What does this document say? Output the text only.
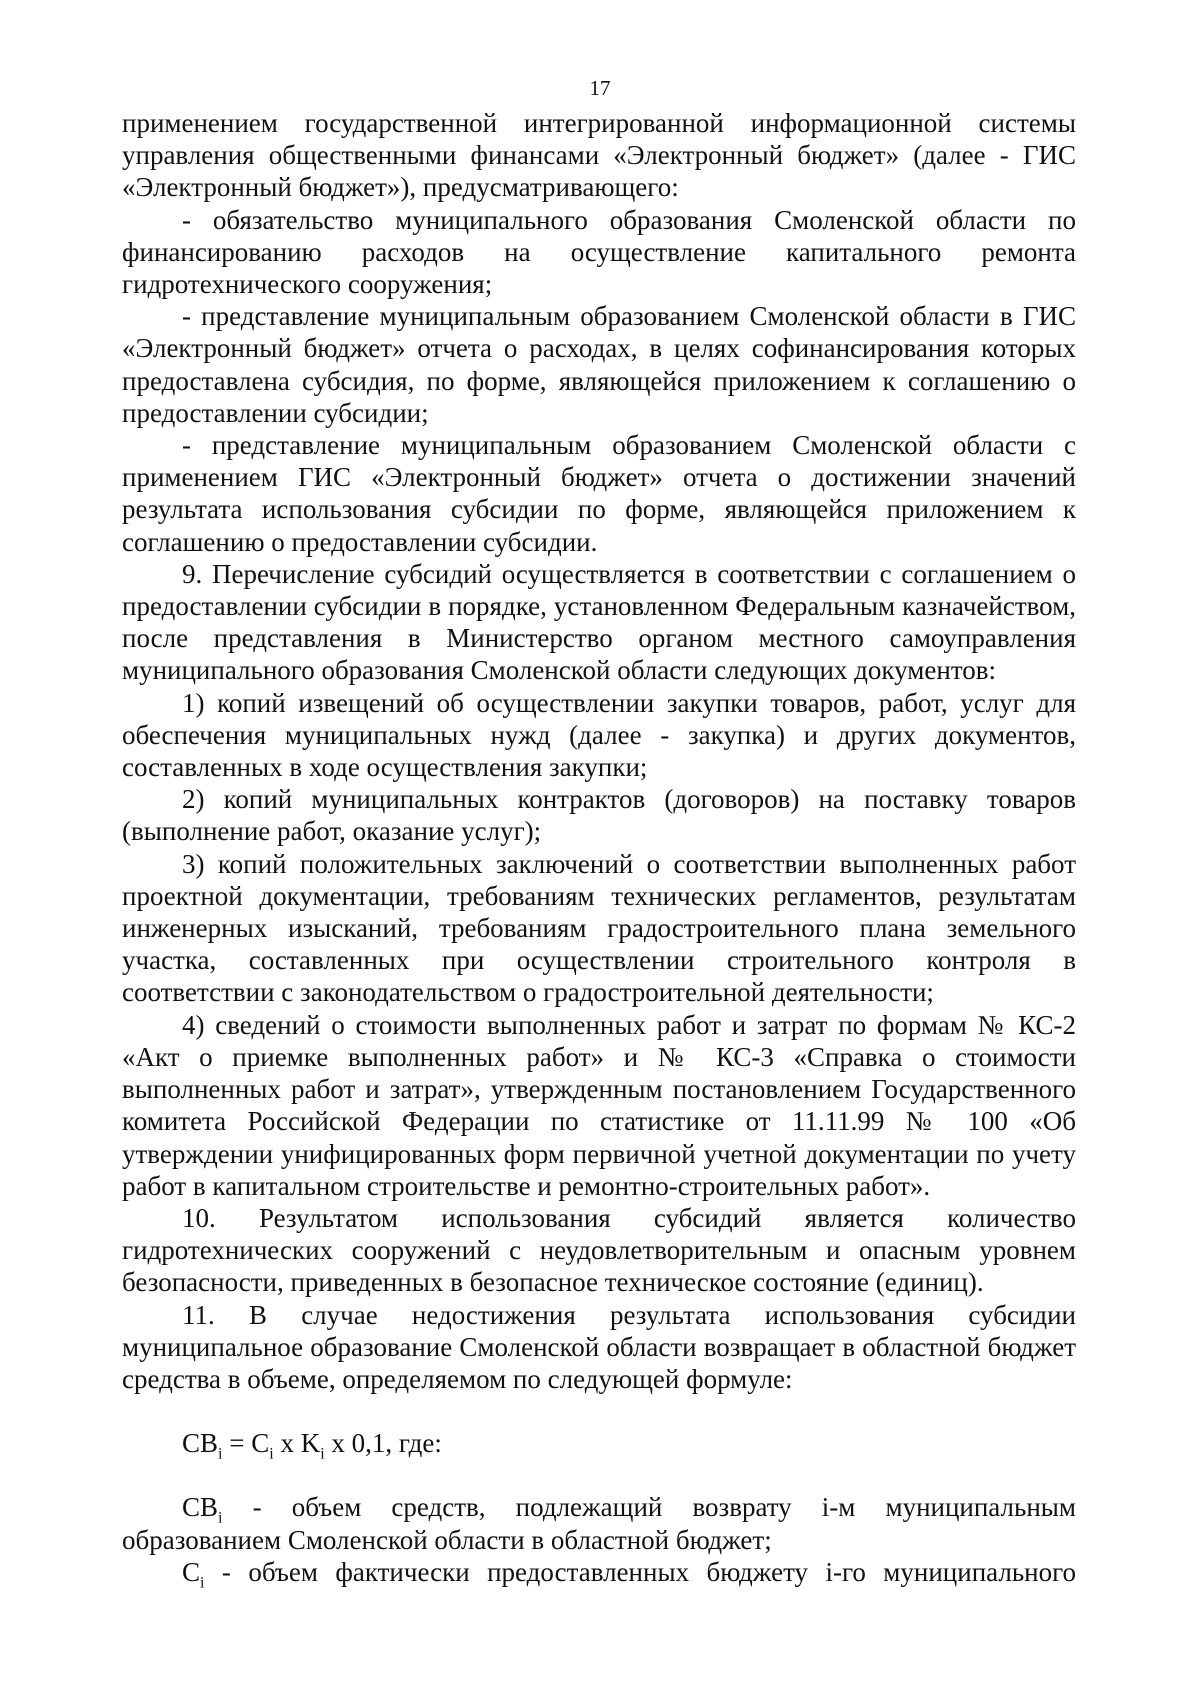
17

применением государственной интегрированной информационной системы управления общественными финансами «Электронный бюджет» (далее - ГИС «Электронный бюджет»), предусматривающего:

- обязательство муниципального образования Смоленской области по финансированию расходов на осуществление капитального ремонта гидротехнического сооружения;

- представление муниципальным образованием Смоленской области в ГИС «Электронный бюджет» отчета о расходах, в целях софинансирования которых предоставлена субсидия, по форме, являющейся приложением к соглашению о предоставлении субсидии;

- представление муниципальным образованием Смоленской области с применением ГИС «Электронный бюджет» отчета о достижении значений результата использования субсидии по форме, являющейся приложением к соглашению о предоставлении субсидии.

9. Перечисление субсидий осуществляется в соответствии с соглашением о предоставлении субсидии в порядке, установленном Федеральным казначейством, после представления в Министерство органом местного самоуправления муниципального образования Смоленской области следующих документов:

1) копий извещений об осуществлении закупки товаров, работ, услуг для обеспечения муниципальных нужд (далее - закупка) и других документов, составленных в ходе осуществления закупки;

2) копий муниципальных контрактов (договоров) на поставку товаров (выполнение работ, оказание услуг);

3) копий положительных заключений о соответствии выполненных работ проектной документации, требованиям технических регламентов, результатам инженерных изысканий, требованиям градостроительного плана земельного участка, составленных при осуществлении строительного контроля в соответствии с законодательством о градостроительной деятельности;

4) сведений о стоимости выполненных работ и затрат по формам № КС-2 «Акт о приемке выполненных работ» и № КС-3 «Справка о стоимости выполненных работ и затрат», утвержденным постановлением Государственного комитета Российской Федерации по статистике от 11.11.99 № 100 «Об утверждении унифицированных форм первичной учетной документации по учету работ в капитальном строительстве и ремонтно-строительных работ».

10. Результатом использования субсидий является количество гидротехнических сооружений с неудовлетворительным и опасным уровнем безопасности, приведенных в безопасное техническое состояние (единиц).

11. В случае недостижения результата использования субсидии муниципальное образование Смоленской области возвращает в областной бюджет средства в объеме, определяемом по следующей формуле:

$СВ_i = С_i$ x $K_i$ x 0,1, где:

$СВ_i$ - объем средств, подлежащий возврату i-м муниципальным образованием Смоленской области в областной бюджет;

$С_i$ - объем фактически предоставленных бюджету i-го муниципального
